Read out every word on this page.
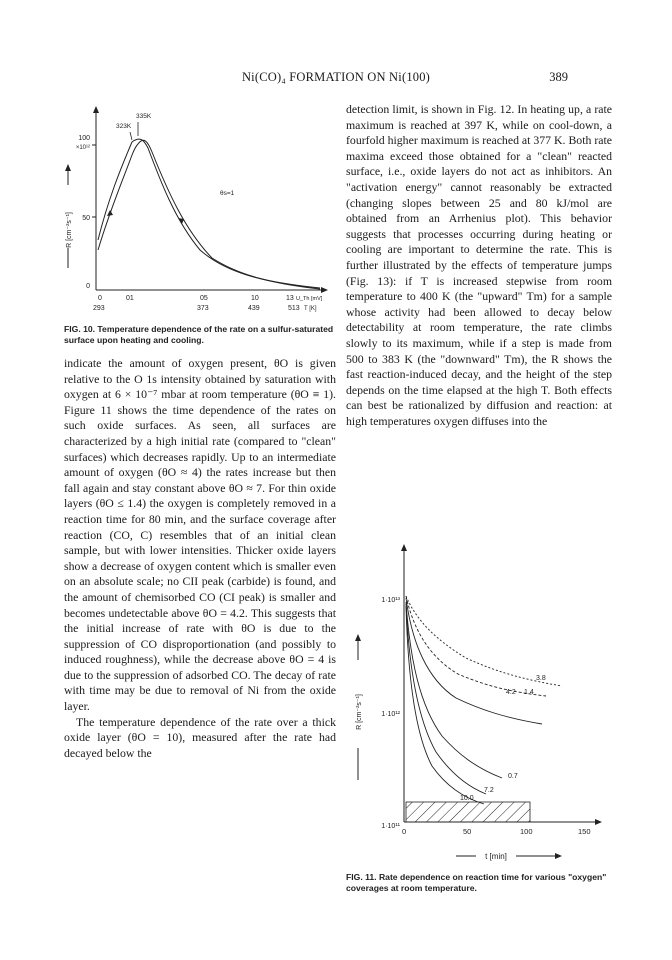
Ni(CO)₄ FORMATION ON Ni(100)	389
100
×10¹²
50
0
R [cm⁻²s⁻¹]
0	01	05	10	13 U_Th [mV]
293	373	439	513 T [K]
335K
323K
θs=1
FIG. 10. Temperature dependence of the rate on a sulfur-saturated surface upon heating and cooling.

indicate the amount of oxygen present, θO is given relative to the O 1s intensity obtained by saturation with oxygen at 6 × 10⁻⁷ mbar at room temperature (θO ≡ 1). Figure 11 shows the time dependence of the rates on such oxide surfaces. As seen, all surfaces are characterized by a high initial rate (compared to "clean" surfaces) which decreases rapidly. Up to an intermediate amount of oxygen (θO ≈ 4) the rates increase but then fall again and stay constant above θO ≈ 7. For thin oxide layers (θO ≤ 1.4) the oxygen is completely removed in a reaction time for 80 min, and the surface coverage after reaction (CO, C) resembles that of an initial clean sample, but with lower intensities. Thicker oxide layers show a decrease of oxygen content which is smaller even on an absolute scale; no CII peak (carbide) is found, and the amount of chemisorbed CO (CI peak) is smaller and becomes undetectable above θO = 4.2. This suggests that the initial increase of rate with θO is due to the suppression of CO disproportionation (and possibly to induced roughness), while the decrease above θO = 4 is due to the suppression of adsorbed CO. The decay of rate with time may be due to removal of Ni from the oxide layer.

The temperature dependence of the rate over a thick oxide layer (θO = 10), measured after the rate had decayed below the

detection limit, is shown in Fig. 12. In heating up, a rate maximum is reached at 397 K, while on cool-down, a fourfold higher maximum is reached at 377 K. Both rate maxima exceed those obtained for a "clean" reacted surface, i.e., oxide layers do not act as inhibitors. An "activation energy" cannot reasonably be extracted (changing slopes between 25 and 80 kJ/mol are obtained from an Arrhenius plot). This behavior suggests that processes occurring during heating or cooling are important to determine the rate. This is further illustrated by the effects of temperature jumps (Fig. 13): if T is increased stepwise from room temperature to 400 K (the "upward" Tm) for a sample whose activity had been allowed to decay below detectability at room temperature, the rate climbs slowly to its maximum, while if a step is made from 500 to 383 K (the "downward" Tm), the R shows the fast reaction-induced decay, and the height of the step depends on the time elapsed at the high T. Both effects can best be rationalized by diffusion and reaction: at high temperatures oxygen diffuses into the

1·10¹³
1·10¹²
1·10¹¹
R [cm⁻²s⁻¹]
0	50	100	150
t [min]
3.8
4.2 1.4
0.7
7.2
10.0
FIG. 11. Rate dependence on reaction time for various "oxygen" coverages at room temperature.
